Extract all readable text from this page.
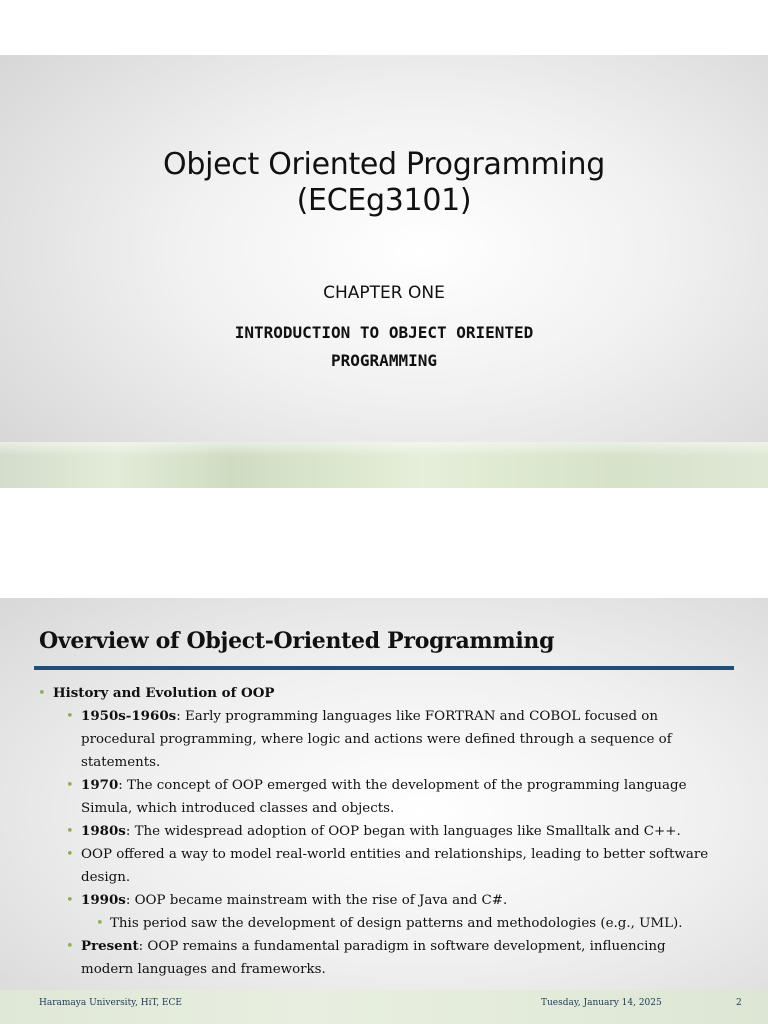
Object Oriented Programming
(ECEg3101)
CHAPTER ONE
INTRODUCTION TO OBJECT ORIENTED
PROGRAMMING
Overview of Object-Oriented Programming
• History and Evolution of OOP
• 1950s-1960s: Early programming languages like FORTRAN and COBOL focused on procedural programming, where logic and actions were defined through a sequence of statements.
• 1970: The concept of OOP emerged with the development of the programming language Simula, which introduced classes and objects.
• 1980s: The widespread adoption of OOP began with languages like Smalltalk and C++.
• OOP offered a way to model real-world entities and relationships, leading to better software design.
• 1990s: OOP became mainstream with the rise of Java and C#.
• This period saw the development of design patterns and methodologies (e.g., UML).
• Present: OOP remains a fundamental paradigm in software development, influencing modern languages and frameworks.
Haramaya University, HiT, ECE	Tuesday, January 14, 2025	2
